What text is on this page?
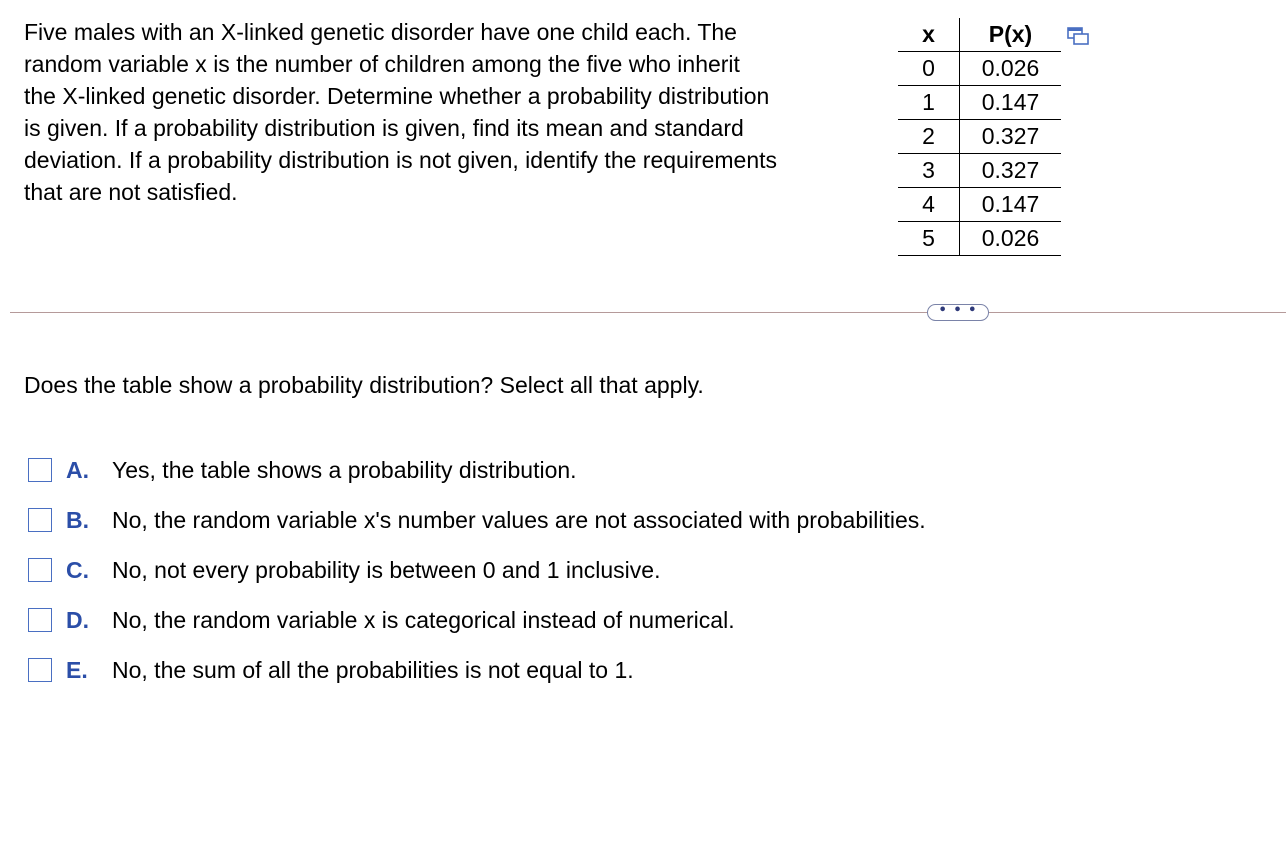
Five males with an X-linked genetic disorder have one child each. The
random variable x is the number of children among the five who inherit
the X-linked genetic disorder. Determine whether a probability distribution
is given. If a probability distribution is given, find its mean and standard
deviation. If a probability distribution is not given, identify the requirements
that are not satisfied.
x	P(x)
0	0.026
1	0.147
2	0.327
3	0.327
4	0.147
5	0.026
• • •

Does the table show a probability distribution? Select all that apply.

A.	Yes, the table shows a probability distribution.
B.	No, the random variable x's number values are not associated with probabilities.
C.	No, not every probability is between 0 and 1 inclusive.
D.	No, the random variable x is categorical instead of numerical.
E.	No, the sum of all the probabilities is not equal to 1.
